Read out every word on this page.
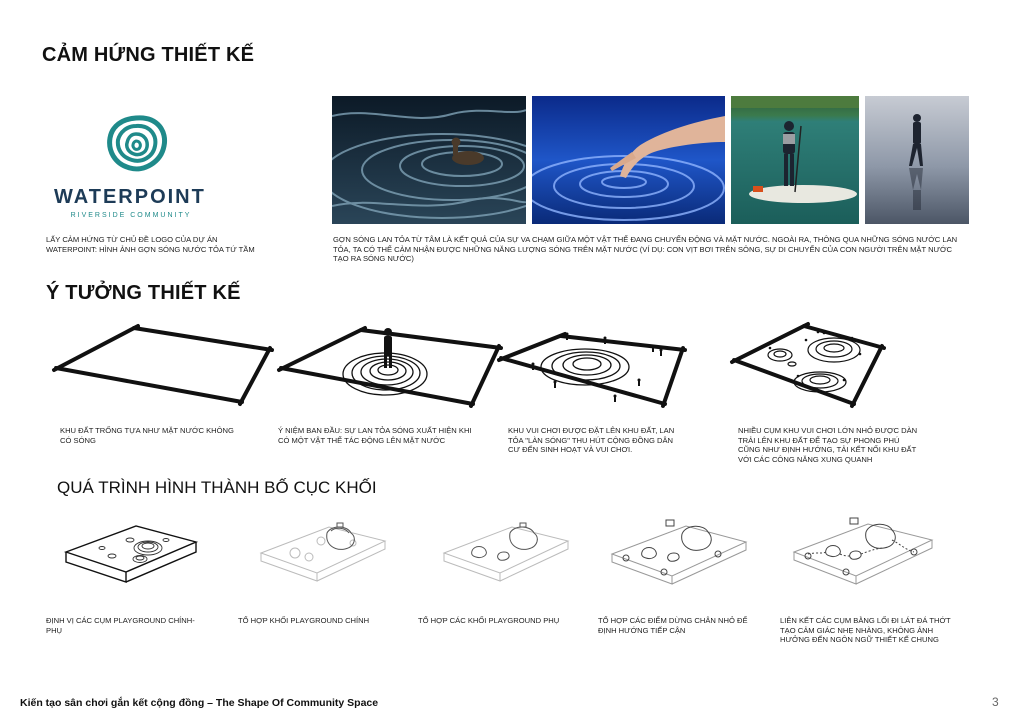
CẢM HỨNG THIẾT KẾ
WATERPOINT
RIVERSIDE COMMUNITY
LẤY CẢM HỨNG TỪ CHỦ ĐỀ LOGO CỦA DỰ ÁN WATERPOINT: HÌNH ẢNH GỢN SÓNG NƯỚC TỎA TỨ TẦM
GỢN SÓNG LAN TỎA TỪ TÂM LÀ KẾT QUẢ CỦA SỰ VA CHẠM GIỮA MỘT VẬT THỂ ĐANG CHUYỂN ĐỘNG VÀ MẶT NƯỚC. NGOÀI RA, THÔNG QUA NHỮNG SÓNG NƯỚC LAN TỎA, TA CÓ THỂ CẢM NHẬN ĐƯỢC NHỮNG NĂNG LƯỢNG SÓNG TRÊN MẶT NƯỚC (VÍ DỤ: CON VỊT BƠI TRÊN SÔNG, SỰ DI CHUYỂN CỦA CON NGƯỜI TRÊN MẶT NƯỚC TẠO RA SÓNG NƯỚC)
Ý TƯỞNG THIẾT KẾ
KHU ĐẤT TRỐNG TỰA NHƯ MẶT NƯỚC KHÔNG CÓ SÓNG
Ý NIỆM BAN ĐẦU: SỰ LAN TỎA SÓNG XUẤT HIỆN KHI CÓ MỘT VẬT THỂ TÁC ĐỘNG LÊN MẶT NƯỚC
KHU VUI CHƠI ĐƯỢC ĐẶT LÊN KHU ĐẤT, LAN TỎA "LÀN SÓNG" THU HÚT CỘNG ĐỒNG DÂN CƯ ĐẾN SINH HOẠT VÀ VUI CHƠI.
NHIỀU CỤM KHU VUI CHƠI LỚN NHỎ ĐƯỢC DÀN TRẢI LÊN KHU ĐẤT ĐỂ TẠO SỰ PHONG PHÚ CŨNG NHƯ ĐỊNH HƯỚNG, TẢI KẾT NỐI KHU ĐẤT VỚI CÁC CÔNG NĂNG XUNG QUANH
QUÁ TRÌNH HÌNH THÀNH BỐ CỤC KHỐI
ĐỊNH VỊ CÁC CỤM PLAYGROUND CHÍNH-PHỤ
TỔ HỢP KHỐI PLAYGROUND CHÍNH	TỔ HỢP CÁC KHỐI PLAYGROUND PHỤ	TỔ HỢP CÁC ĐIỂM DỪNG CHÂN NHỎ ĐỂ ĐỊNH HƯỚNG TIẾP CẬN
LIÊN KẾT CÁC CỤM BẰNG LỐI ĐI LÁT ĐÁ THỚT TẠO CẢM GIÁC NHẸ NHÀNG, KHÔNG ẢNH HƯỞNG ĐẾN NGÔN NGỮ THIẾT KẾ CHUNG
Kiến tạo sân chơi gắn kết cộng đồng – The Shape Of Community Space	3
